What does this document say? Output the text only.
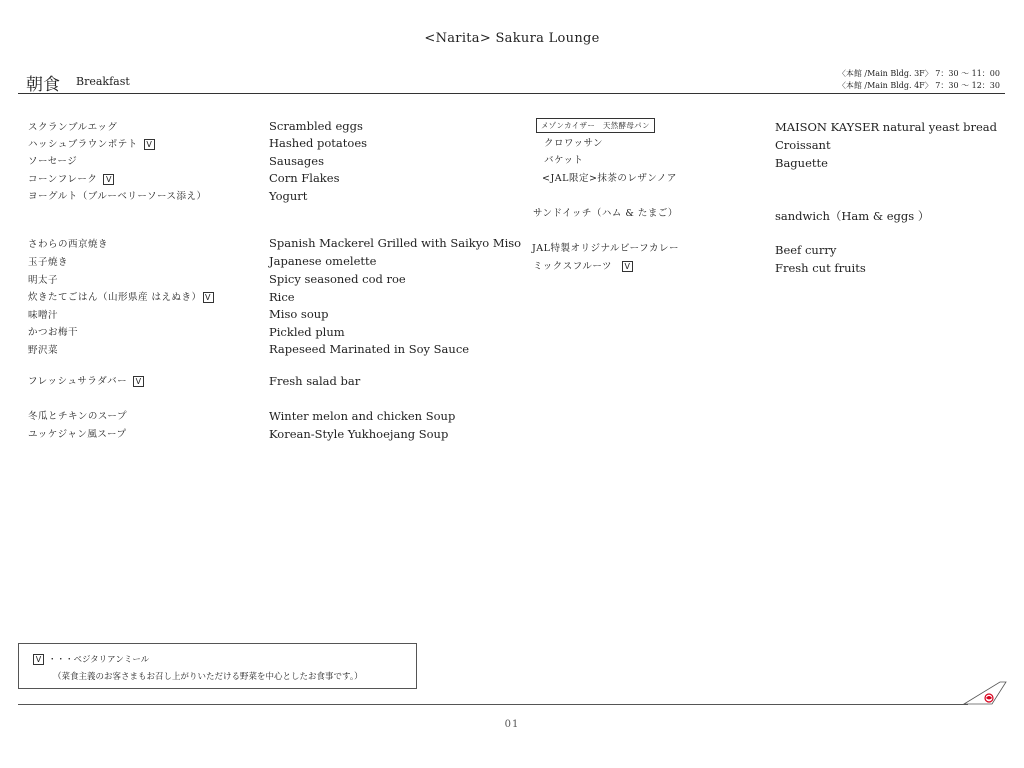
<Narita> Sakura Lounge
朝食 Breakfast
〈本館 /Main Bldg. 3F〉 7：30 〜 11：00
〈本館 /Main Bldg. 4F〉 7：30 〜 12：30
スクランブルエッグ
ハッシュブラウンポテト V
ソーセージ
コーンフレーク V
ヨーグルト（ブルーベリーソース添え）
さわらの西京焼き
玉子焼き
明太子
炊きたてごはん（山形県産 はえぬき） V
味噌汁
かつお梅干
野沢菜
フレッシュサラダバー V
冬瓜とチキンのスープ
ユッケジャン風スープ
Scrambled eggs
Hashed potatoes
Sausages
Corn Flakes
Yogurt
Spanish Mackerel Grilled with Saikyo Miso
Japanese omelette
Spicy seasoned cod roe
Rice
Miso soup
Pickled plum
Rapeseed Marinated in Soy Sauce
Fresh salad bar
Winter melon and chicken Soup
Korean-Style Yukhoejang Soup
メゾンカイザー　天然酵母パン
クロワッサン
バケット
<JAL限定>抹茶のレザンノア
サンドイッチ（ハム & たまご）
JAL特製オリジナルビーフカレー
ミックスフルーツ V
MAISON KAYSER natural yeast bread
Croissant
Baguette
sandwich（Ham & eggs ）
Beef curry
Fresh cut fruits
V ・・・ベジタリアンミール
（菜食主義のお客さまもお召し上がりいただける野菜を中心としたお食事です。）
01
